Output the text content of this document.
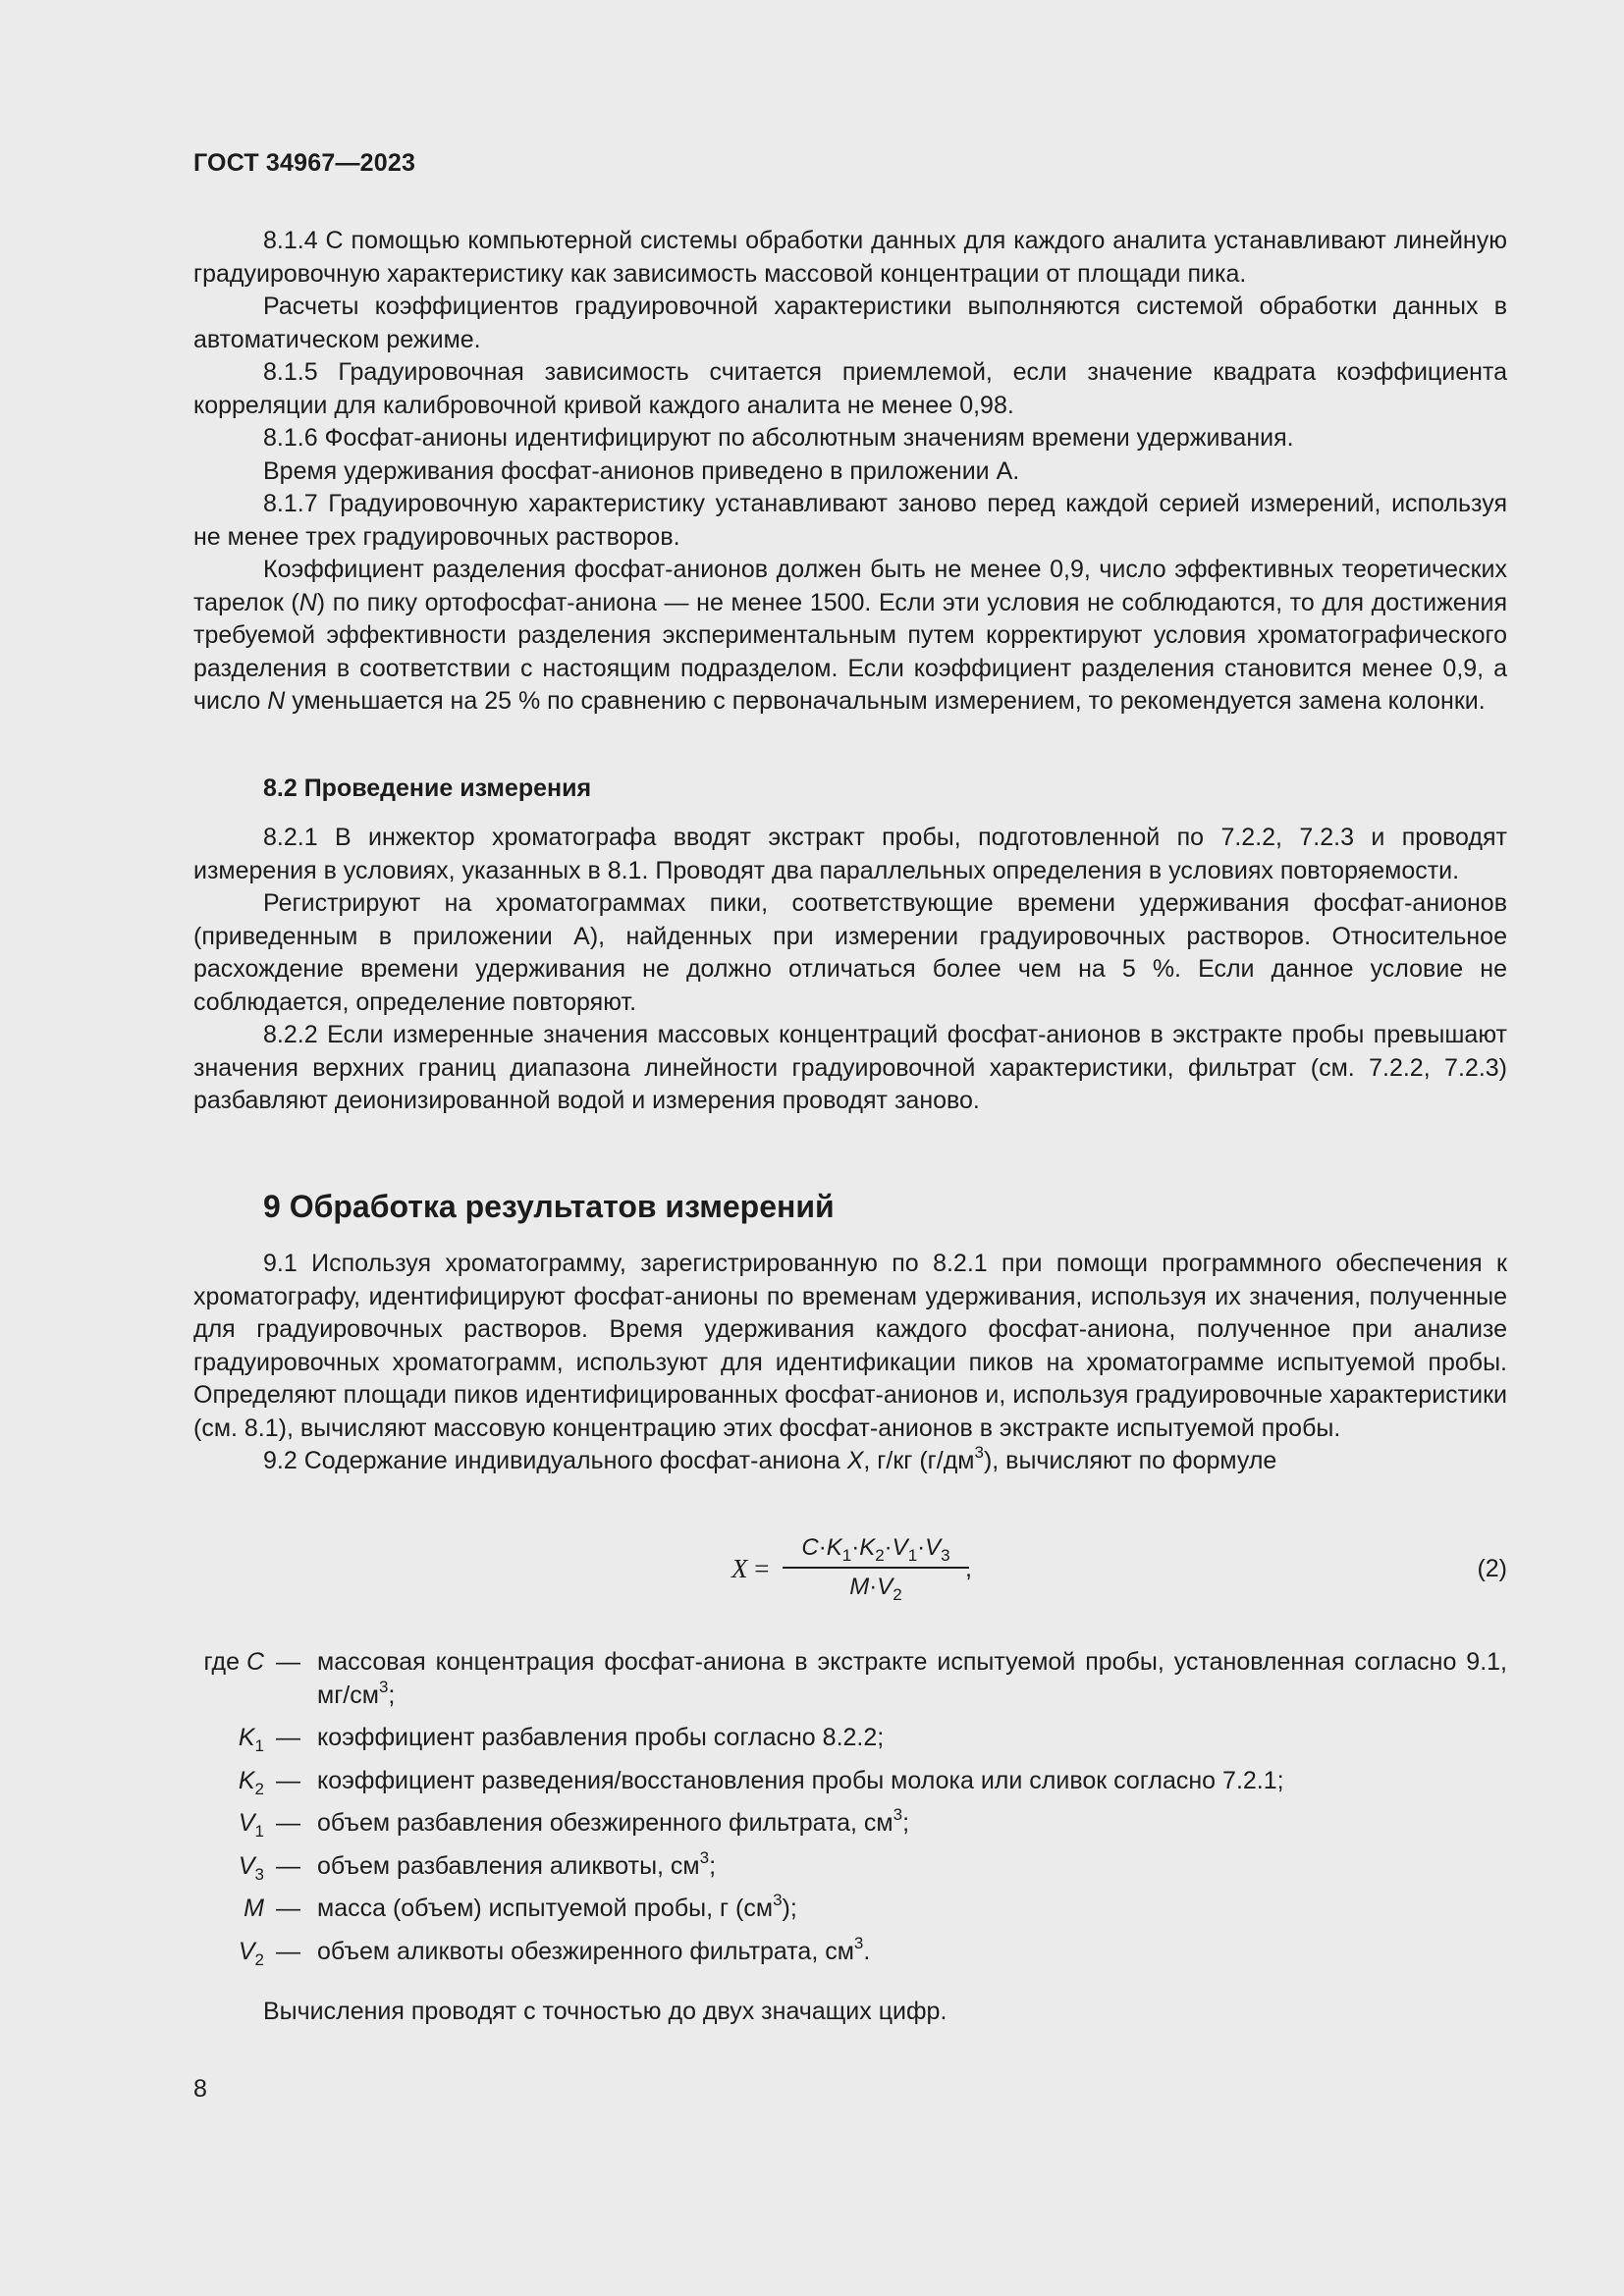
ГОСТ 34967—2023

8.1.4 С помощью компьютерной системы обработки данных для каждого аналита устанавливают линейную градуировочную характеристику как зависимость массовой концентрации от площади пика.

Расчеты коэффициентов градуировочной характеристики выполняются системой обработки данных в автоматическом режиме.

8.1.5 Градуировочная зависимость считается приемлемой, если значение квадрата коэффициента корреляции для калибровочной кривой каждого аналита не менее 0,98.

8.1.6 Фосфат-анионы идентифицируют по абсолютным значениям времени удерживания.

Время удерживания фосфат-анионов приведено в приложении А.

8.1.7 Градуировочную характеристику устанавливают заново перед каждой серией измерений, используя не менее трех градуировочных растворов.

Коэффициент разделения фосфат-анионов должен быть не менее 0,9, число эффективных теоретических тарелок (N) по пику ортофосфат-аниона — не менее 1500. Если эти условия не соблюдаются, то для достижения требуемой эффективности разделения экспериментальным путем корректируют условия хроматографического разделения в соответствии с настоящим подразделом. Если коэффициент разделения становится менее 0,9, а число N уменьшается на 25 % по сравнению с первоначальным измерением, то рекомендуется замена колонки.

8.2 Проведение измерения

8.2.1 В инжектор хроматографа вводят экстракт пробы, подготовленной по 7.2.2, 7.2.3 и проводят измерения в условиях, указанных в 8.1. Проводят два параллельных определения в условиях повторяемости.

Регистрируют на хроматограммах пики, соответствующие времени удерживания фосфат-анионов (приведенным в приложении А), найденных при измерении градуировочных растворов. Относительное расхождение времени удерживания не должно отличаться более чем на 5 %. Если данное условие не соблюдается, определение повторяют.

8.2.2 Если измеренные значения массовых концентраций фосфат-анионов в экстракте пробы превышают значения верхних границ диапазона линейности градуировочной характеристики, фильтрат (см. 7.2.2, 7.2.3) разбавляют деионизированной водой и измерения проводят заново.

9 Обработка результатов измерений

9.1 Используя хроматограмму, зарегистрированную по 8.2.1 при помощи программного обеспечения к хроматографу, идентифицируют фосфат-анионы по временам удерживания, используя их значения, полученные для градуировочных растворов. Время удерживания каждого фосфат-аниона, полученное при анализе градуировочных хроматограмм, используют для идентификации пиков на хроматограмме испытуемой пробы. Определяют площади пиков идентифицированных фосфат-анионов и, используя градуировочные характеристики (см. 8.1), вычисляют массовую концентрацию этих фосфат-анионов в экстракте испытуемой пробы.

9.2 Содержание индивидуального фосфат-аниона X, г/кг $(г/дм^3)$, вычисляют по формуле

$X = \frac{C\cdot K_1\cdot K_2\cdot V_1\cdot V_3}{M\cdot V_2}$
,	(2)
где C — массовая концентрация фосфат-аниона в экстракте испытуемой пробы, установленная согласно 9.1, $мг/см^3$;
$K_1$ — коэффициент разбавления пробы согласно 8.2.2;
$K_2$ — коэффициент разведения/восстановления пробы молока или сливок согласно 7.2.1;
$V_1$ — объем разбавления обезжиренного фильтрата, $см^3$;
$V_3$ — объем разбавления аликвоты, $см^3$;
M — масса (объем) испытуемой пробы, г $(см^3)$;
$V_2$ — объем аликвоты обезжиренного фильтрата, $см^3$.
Вычисления проводят с точностью до двух значащих цифр.
8
